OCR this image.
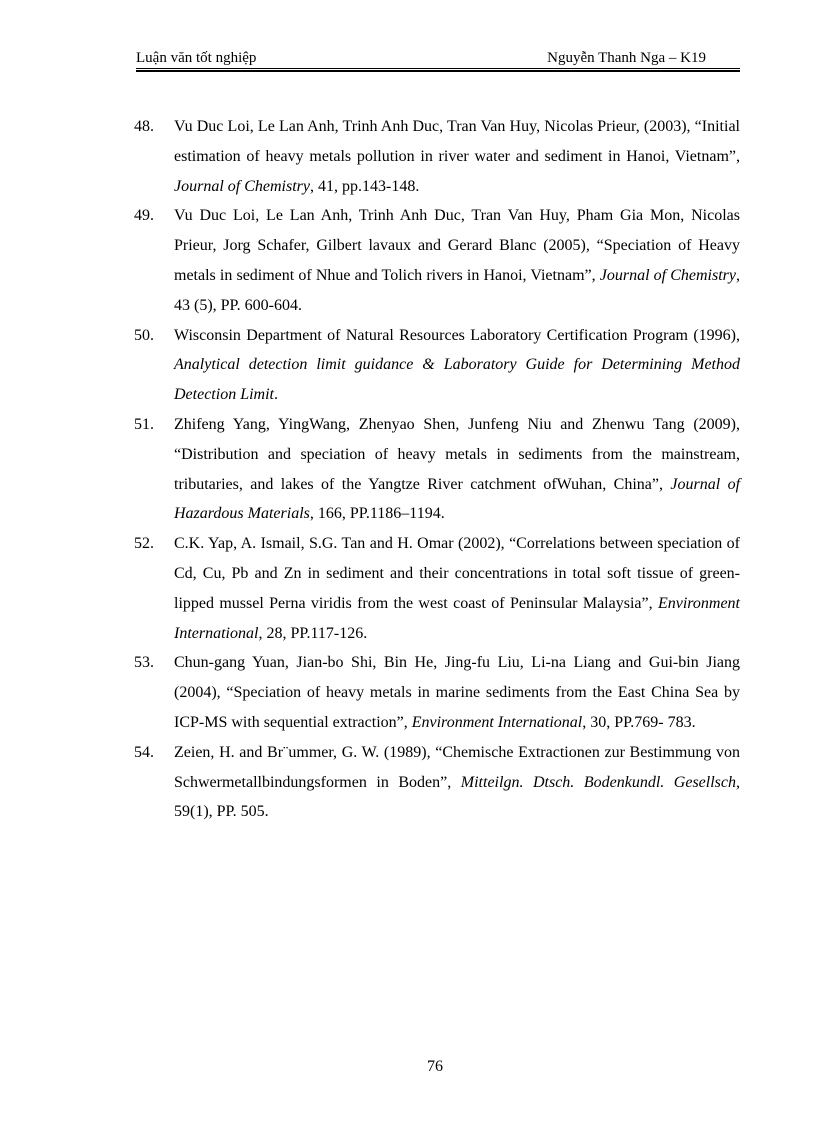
Luận văn tốt nghiệp	Nguyễn Thanh Nga – K19
48. Vu Duc Loi, Le Lan Anh, Trinh Anh Duc, Tran Van Huy, Nicolas Prieur, (2003), “Initial estimation of heavy metals pollution in river water and sediment in Hanoi, Vietnam”, Journal of Chemistry, 41, pp.143-148.
49. Vu Duc Loi, Le Lan Anh, Trinh Anh Duc, Tran Van Huy, Pham Gia Mon, Nicolas Prieur, Jorg Schafer, Gilbert lavaux and Gerard Blanc (2005), “Speciation of Heavy metals in sediment of Nhue and Tolich rivers in Hanoi, Vietnam”, Journal of Chemistry, 43 (5), PP. 600-604.
50. Wisconsin Department of Natural Resources Laboratory Certification Program (1996), Analytical detection limit guidance & Laboratory Guide for Determining Method Detection Limit.
51. Zhifeng Yang, YingWang, Zhenyao Shen, Junfeng Niu and Zhenwu Tang (2009), “Distribution and speciation of heavy metals in sediments from the mainstream, tributaries, and lakes of the Yangtze River catchment ofWuhan, China”, Journal of Hazardous Materials, 166, PP.1186–1194.
52. C.K. Yap, A. Ismail, S.G. Tan and H. Omar (2002), “Correlations between speciation of Cd, Cu, Pb and Zn in sediment and their concentrations in total soft tissue of green-lipped mussel Perna viridis from the west coast of Peninsular Malaysia”, Environment International, 28, PP.117-126.
53. Chun-gang Yuan, Jian-bo Shi, Bin He, Jing-fu Liu, Li-na Liang and Gui-bin Jiang (2004), “Speciation of heavy metals in marine sediments from the East China Sea by ICP-MS with sequential extraction”, Environment International, 30, PP.769- 783.
54. Zeien, H. and Br¨ummer, G. W. (1989), “Chemische Extractionen zur Bestimmung von Schwermetallbindungsformen in Boden”, Mitteilgn. Dtsch. Bodenkundl. Gesellsch, 59(1), PP. 505.
76
